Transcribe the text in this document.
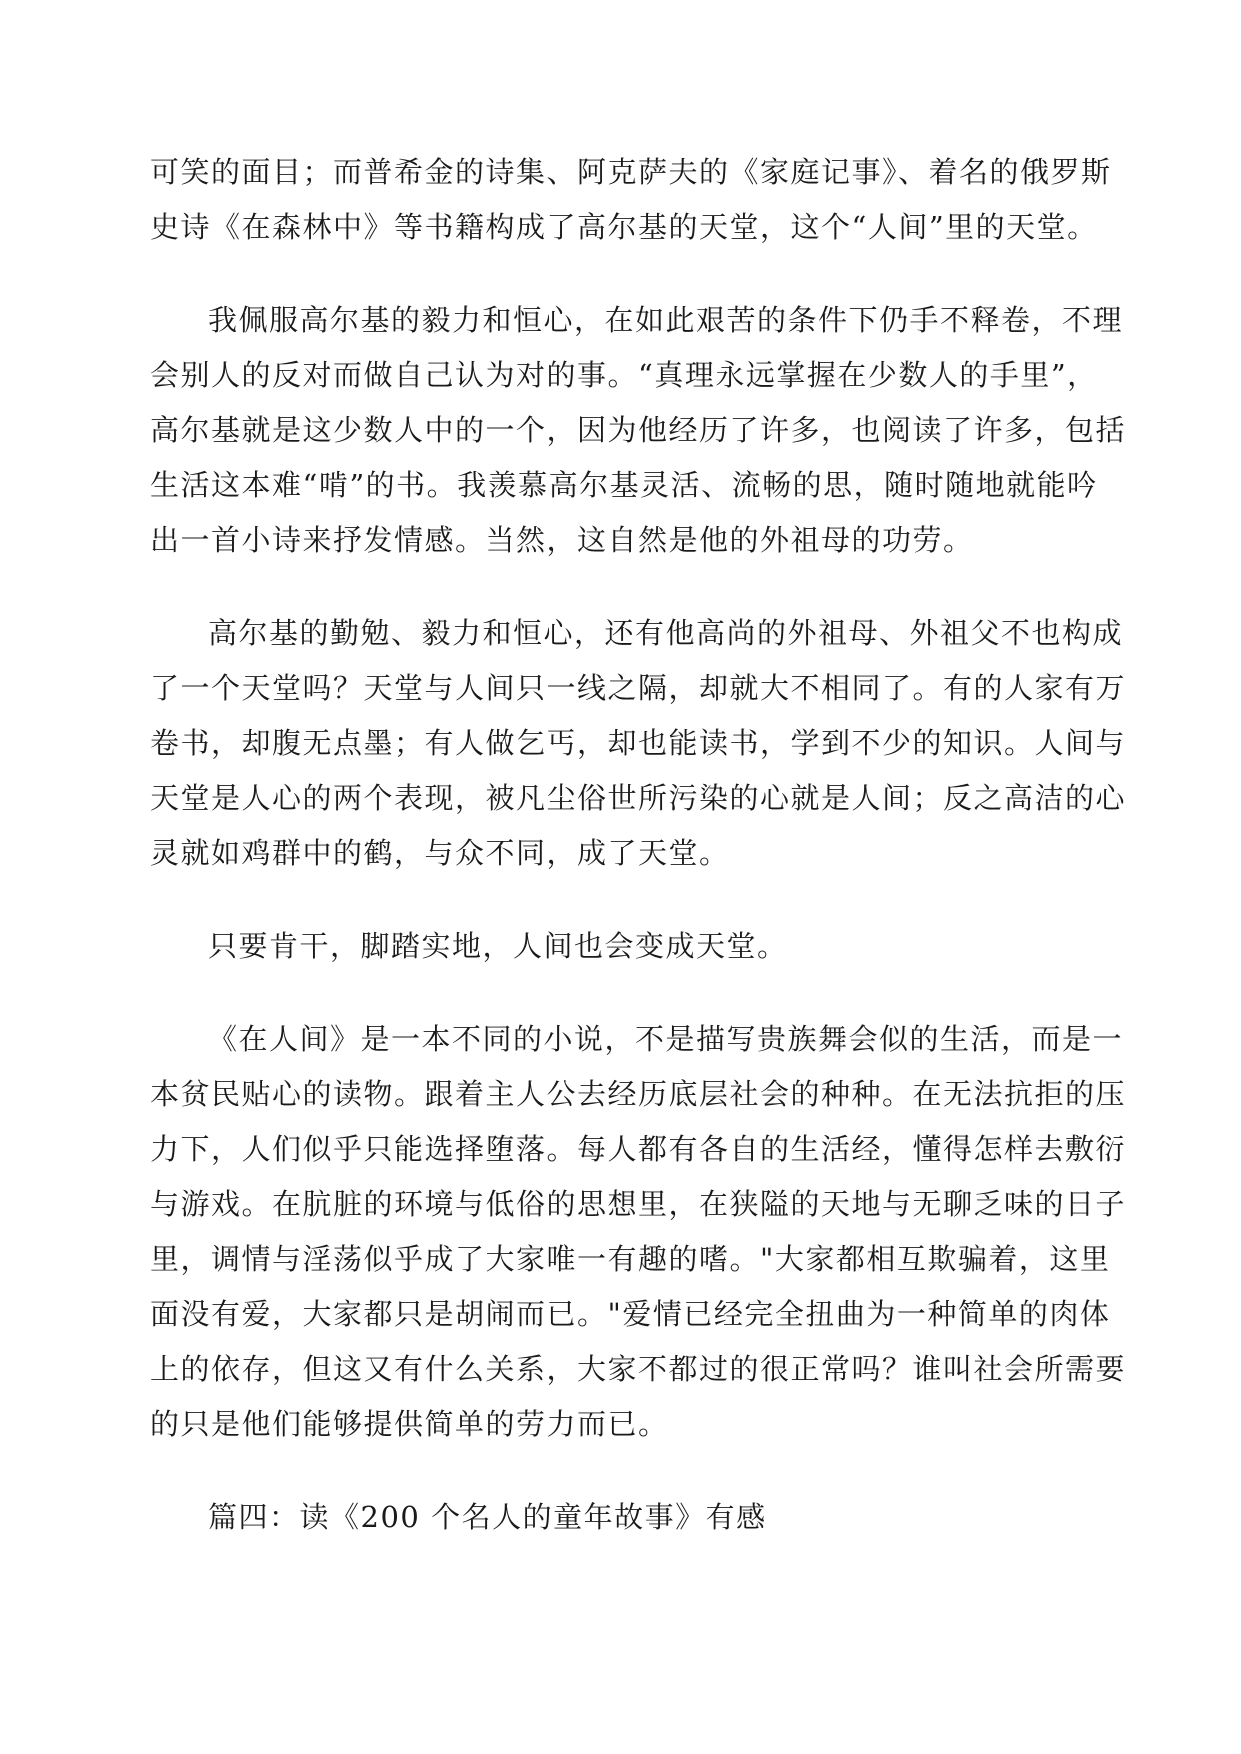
可笑的面目；而普希金的诗集、阿克萨夫的《家庭记事》、着名的俄罗斯
史诗《在森林中》等书籍构成了高尔基的天堂，这个“人间”里的天堂。

我佩服高尔基的毅力和恒心，在如此艰苦的条件下仍手不释卷，不理
会别人的反对而做自己认为对的事。“真理永远掌握在少数人的手里”，
高尔基就是这少数人中的一个，因为他经历了许多，也阅读了许多，包括
生活这本难“啃”的书。我羡慕高尔基灵活、流畅的思，随时随地就能吟
出一首小诗来抒发情感。当然，这自然是他的外祖母的功劳。

高尔基的勤勉、毅力和恒心，还有他高尚的外祖母、外祖父不也构成
了一个天堂吗？天堂与人间只一线之隔，却就大不相同了。有的人家有万
卷书，却腹无点墨；有人做乞丐，却也能读书，学到不少的知识。人间与
天堂是人心的两个表现，被凡尘俗世所污染的心就是人间；反之高洁的心
灵就如鸡群中的鹤，与众不同，成了天堂。

只要肯干，脚踏实地，人间也会变成天堂。

《在人间》是一本不同的小说，不是描写贵族舞会似的生活，而是一
本贫民贴心的读物。跟着主人公去经历底层社会的种种。在无法抗拒的压
力下，人们似乎只能选择堕落。每人都有各自的生活经，懂得怎样去敷衍
与游戏。在肮脏的环境与低俗的思想里，在狭隘的天地与无聊乏味的日子
里，调情与淫荡似乎成了大家唯一有趣的嗜。"大家都相互欺骗着，这里
面没有爱，大家都只是胡闹而已。"爱情已经完全扭曲为一种简单的肉体
上的依存，但这又有什么关系，大家不都过的很正常吗？谁叫社会所需要
的只是他们能够提供简单的劳力而已。

篇四：读《200 个名人的童年故事》有感
